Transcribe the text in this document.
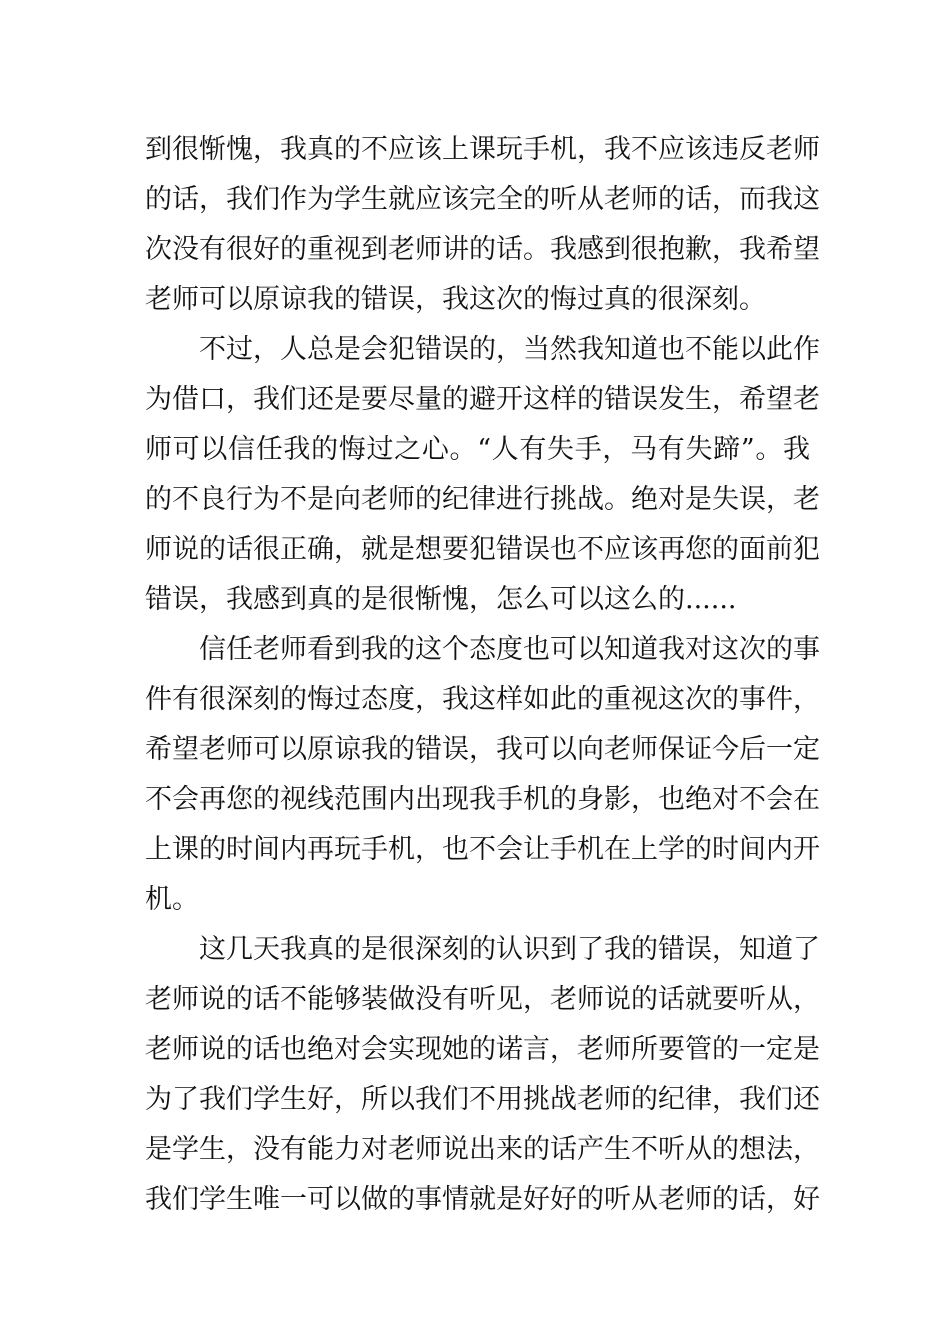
到很惭愧，我真的不应该上课玩手机，我不应该违反老师
的话，我们作为学生就应该完全的听从老师的话，而我这
次没有很好的重视到老师讲的话。我感到很抱歉，我希望
老师可以原谅我的错误，我这次的悔过真的很深刻。
不过，人总是会犯错误的，当然我知道也不能以此作
为借口，我们还是要尽量的避开这样的错误发生，希望老
师可以信任我的悔过之心。“人有失手，马有失蹄”。我
的不良行为不是向老师的纪律进行挑战。绝对是失误，老
师说的话很正确，就是想要犯错误也不应该再您的面前犯
错误，我感到真的是很惭愧，怎么可以这么的......
信任老师看到我的这个态度也可以知道我对这次的事
件有很深刻的悔过态度，我这样如此的重视这次的事件，
希望老师可以原谅我的错误，我可以向老师保证今后一定
不会再您的视线范围内出现我手机的身影，也绝对不会在
上课的时间内再玩手机，也不会让手机在上学的时间内开
机。
这几天我真的是很深刻的认识到了我的错误，知道了
老师说的话不能够装做没有听见，老师说的话就要听从，
老师说的话也绝对会实现她的诺言，老师所要管的一定是
为了我们学生好，所以我们不用挑战老师的纪律，我们还
是学生，没有能力对老师说出来的话产生不听从的想法，
我们学生唯一可以做的事情就是好好的听从老师的话，好
